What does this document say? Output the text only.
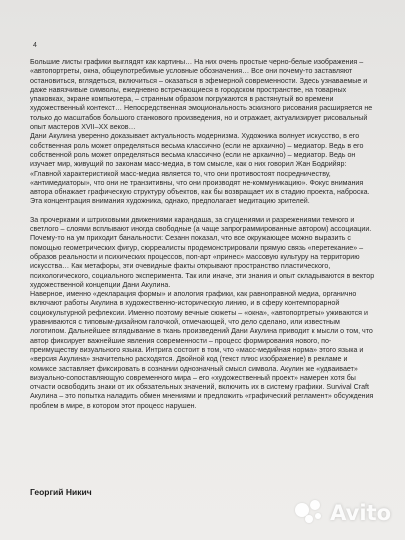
4

Большие листы графики выглядят как картины… На них очень простые черно-белые изображения – «автопортреты, окна, общеупотребимые условные обозначения… Все они почему-то заставляют остановиться, вглядеться, включиться – оказаться в эфемерной современности. Здесь узнаваемые и даже навязчивые символы, ежедневно встречающиеся в городском пространстве, на товарных упаковках, экране компьютера, – странным образом погружаются в растянутый во времени художественный контекст… Непосредственная эмоциональность эскизного рисования расширяется не только до масштабов большого станкового произведения, но и отражает, актуализирует рисовальный опыт мастеров XVII–XX веков…

Дани Акулина уверенно доказывает актуальность модернизма. Художника волнует искусство, в его собственная роль может определяться весьма классично (если не архаично) – медиатор. Ведь в его собственной роль может определяться весьма классично (если не архаично) – медиатор. Ведь он изучает мир, живущий по законам масс-медиа, в том смысле, как о них говорил Жан Бодрийяр: «Главной характеристикой масс-медиа является то, что они противостоят посредничеству, «антимедиаторы», что они не транзитивны, что они производят не-коммуникацию». Фокус внимания автора обнажает графическую структуру объектов, как бы возвращает их в стадию проекта, наброска. Эта концентрация внимания художника, однако, предполагает медитацию зрителей.

За прочерками и штриховыми движениями карандаша, за сгущениями и разрежениями темного и светлого – слоями всплывают иногда свободные (а чаще запрограммированные автором) ассоциации. Почему-то на ум приходит банальности: Сезанн показал, что все окружающее можно выразить с помощью геометрических фигур, сюрреалисты продемонстрировали прямую связь «перетекание» – образов реальности и психических процессов, поп-арт «принес» массовую культуру на территорию искусства… Как метафоры, эти очевидные факты открывают пространство пластического, психологического, социального эксперимента. Так или иначе, эти знания и опыт складываются в вектор художественной концепции Дани Акулина.

Наверное, именно «декларация формы» и апология графики, как равноправной медиа, органично включают работы Акулина в художественно-историческую линию, и в сферу контемпорарной социокультурной рефлексии. Именно поэтому вечные сюжеты – «окна», «автопортреты» уживаются и уравниваются с типовым-дизайном галочкой, отмечающей, что дело сделано, или известным логотипом. Дальнейшее вглядывание в ткань произведений Дани Акулина приводит к мысли о том, что автор фиксирует важнейшие явления современности – процесс формирования нового, по-преимуществу визуального языка. Интрига состоит в том, что «масс-медийная норма» этого языка и «версия Акулина» значительно расходятся. Двойной код (текст плюс изображение) в рекламе и комиксе заставляет фиксировать в сознании однозначный смысл символа. Акулин же «удваивает» визуально-сопоставляющую современного мира – его «художественный проект» намерен хотя бы отчасти освободить знаки от их обязательных значений, включить их в систему графики. Survival Craft Акулина – это попытка наладить обмен мнениями и предложить «графический регламент» обсуждения проблем в мире, в котором этот процесс нарушен.

Георгий Никич
Avito
